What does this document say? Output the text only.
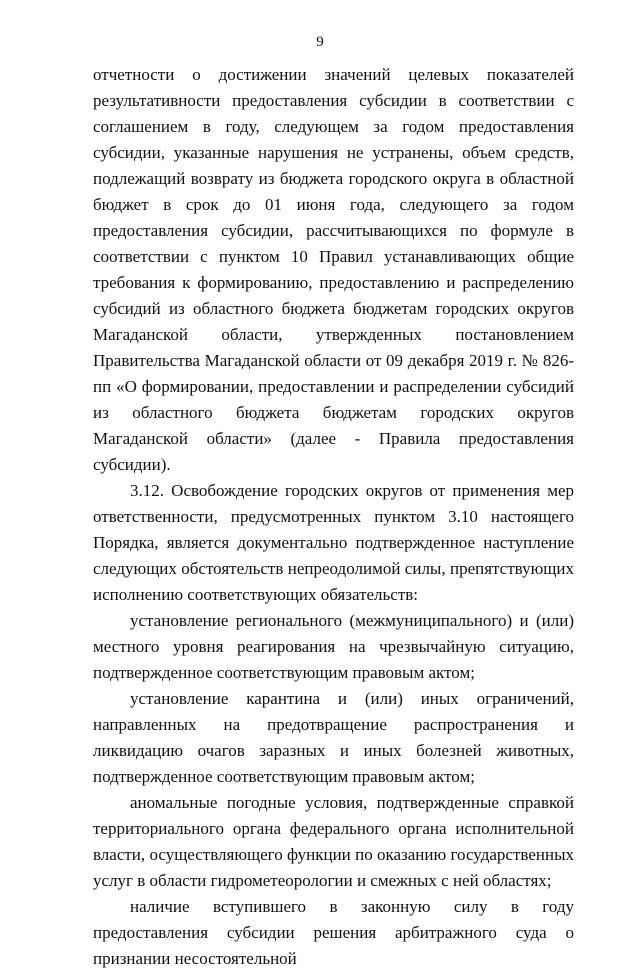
9

отчетности о достижении значений целевых показателей результативности предоставления субсидии в соответствии с соглашением в году, следующем за годом предоставления субсидии, указанные нарушения не устранены, объем средств, подлежащий возврату из бюджета городского округа в областной бюджет в срок до 01 июня года, следующего за годом предоставления субсидии, рассчитывающихся по формуле в соответствии с пунктом 10 Правил устанавливающих общие требования к формированию, предоставлению и распределению субсидий из областного бюджета бюджетам городских округов Магаданской области, утвержденных постановлением Правительства Магаданской области от 09 декабря 2019 г. № 826-пп «О формировании, предоставлении и распределении субсидий из областного бюджета бюджетам городских округов Магаданской области» (далее - Правила предоставления субсидии).

3.12. Освобождение городских округов от применения мер ответственности, предусмотренных пунктом 3.10 настоящего Порядка, является документально подтвержденное наступление следующих обстоятельств непреодолимой силы, препятствующих исполнению соответствующих обязательств:

установление регионального (межмуниципального) и (или) местного уровня реагирования на чрезвычайную ситуацию, подтвержденное соответствующим правовым актом;

установление карантина и (или) иных ограничений, направленных на предотвращение распространения и ликвидацию очагов заразных и иных болезней животных, подтвержденное соответствующим правовым актом;

аномальные погодные условия, подтвержденные справкой территориального органа федерального органа исполнительной власти, осуществляющего функции по оказанию государственных услуг в области гидрометеорологии и смежных с ней областях;

наличие вступившего в законную силу в году предоставления субсидии решения арбитражного суда о признании несостоятельной
